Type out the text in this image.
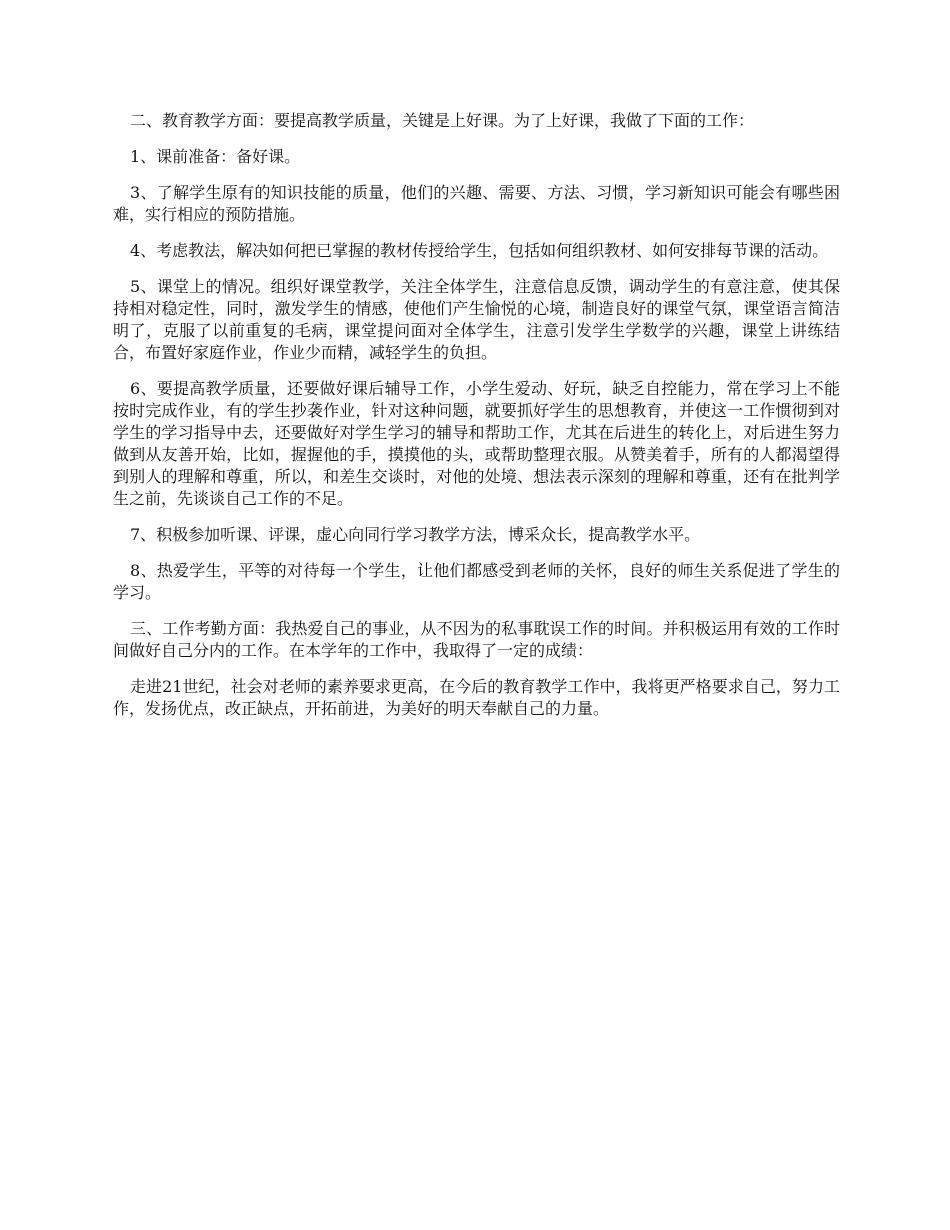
二、教育教学方面：要提高教学质量，关键是上好课。为了上好课，我做了下面的工作：

1、课前准备：备好课。

3、了解学生原有的知识技能的质量，他们的兴趣、需要、方法、习惯，学习新知识可能会有哪些困难，实行相应的预防措施。

4、考虑教法，解决如何把已掌握的教材传授给学生，包括如何组织教材、如何安排每节课的活动。

5、课堂上的情况。组织好课堂教学，关注全体学生，注意信息反馈，调动学生的有意注意，使其保持相对稳定性，同时，激发学生的情感，使他们产生愉悦的心境，制造良好的课堂气氛，课堂语言简洁明了，克服了以前重复的毛病，课堂提问面对全体学生，注意引发学生学数学的兴趣，课堂上讲练结合，布置好家庭作业，作业少而精，减轻学生的负担。

6、要提高教学质量，还要做好课后辅导工作，小学生爱动、好玩，缺乏自控能力，常在学习上不能按时完成作业，有的学生抄袭作业，针对这种问题，就要抓好学生的思想教育，并使这一工作惯彻到对学生的学习指导中去，还要做好对学生学习的辅导和帮助工作，尤其在后进生的转化上，对后进生努力做到从友善开始，比如，握握他的手，摸摸他的头，或帮助整理衣服。从赞美着手，所有的人都渴望得到别人的理解和尊重，所以，和差生交谈时，对他的处境、想法表示深刻的理解和尊重，还有在批判学生之前，先谈谈自己工作的不足。

7、积极参加听课、评课，虚心向同行学习教学方法，博采众长，提高教学水平。

8、热爱学生，平等的对待每一个学生，让他们都感受到老师的关怀，良好的师生关系促进了学生的学习。

三、工作考勤方面：我热爱自己的事业，从不因为的私事耽误工作的时间。并积极运用有效的工作时间做好自己分内的工作。在本学年的工作中，我取得了一定的成绩：

走进21世纪，社会对老师的素养要求更高，在今后的教育教学工作中，我将更严格要求自己，努力工作，发扬优点，改正缺点，开拓前进，为美好的明天奉献自己的力量。
